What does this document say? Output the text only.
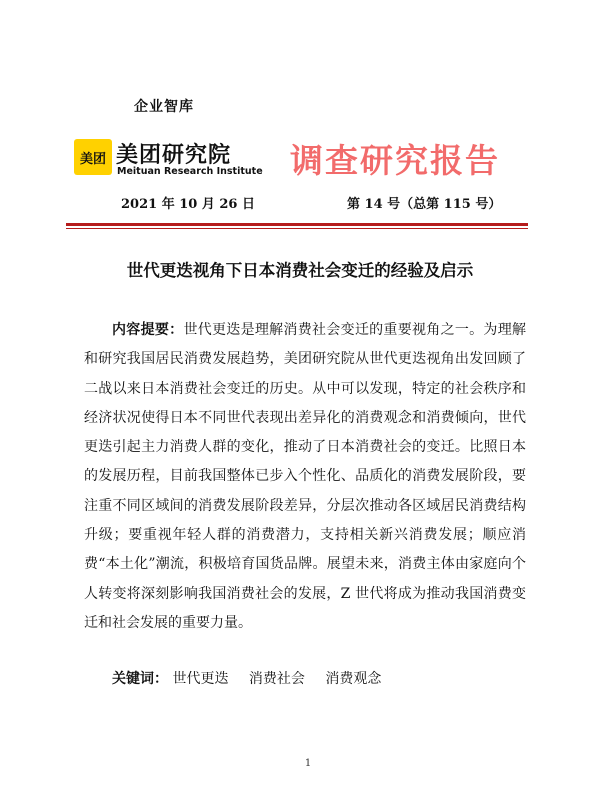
企业智库
美团 美团研究院
Meituan Research Institute 调查研究报告
2021 年 10 月 26 日	第 14 号（总第 115 号）
世代更迭视角下日本消费社会变迁的经验及启示

内容提要：世代更迭是理解消费社会变迁的重要视角之一。为理解和研究我国居民消费发展趋势，美团研究院从世代更迭视角出发回顾了二战以来日本消费社会变迁的历史。从中可以发现，特定的社会秩序和经济状况使得日本不同世代表现出差异化的消费观念和消费倾向，世代更迭引起主力消费人群的变化，推动了日本消费社会的变迁。比照日本的发展历程，目前我国整体已步入个性化、品质化的消费发展阶段，要注重不同区域间的消费发展阶段差异，分层次推动各区域居民消费结构升级；要重视年轻人群的消费潜力，支持相关新兴消费发展；顺应消费“本土化”潮流，积极培育国货品牌。展望未来，消费主体由家庭向个人转变将深刻影响我国消费社会的发展，Z 世代将成为推动我国消费变迁和社会发展的重要力量。

关键词： 世代更迭 消费社会 消费观念
1
